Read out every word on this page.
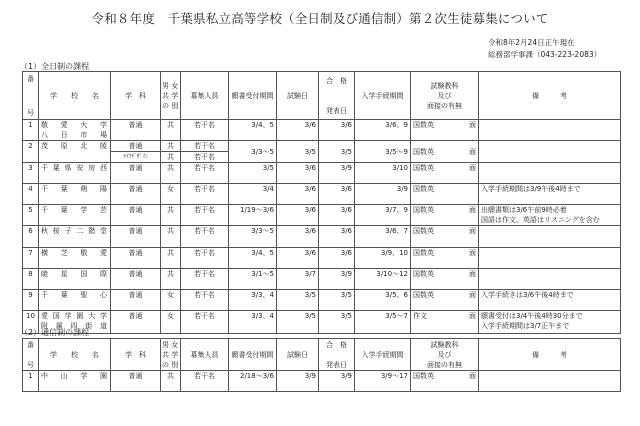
令和８年度　千葉県私立高等学校（全日制及び通信制）第２次生徒募集について
令和8年2月24日正午現在
総務部学事課（043-223-2083）
（1）全日制の課程
番
号
	学　　校　　名	学　科	
男 女
共 学
の 別
	募集人員	願書受付期間	試験日	
合　格
発表日
	入学手続期間	
試験教科
及び
面接の有無
	備　　　考
1	敬 愛 大 学
八 日 市 場
	普通	共	若干名	3/4、5	3/6	3/6	3/6、9	国数英	面

2	茂 原 北 陵	普通	共	若干名	3/3～5	3/5	3/5	3/5～9	国数英 面	

		ﾗｲﾌﾃﾞｻﾞｲﾝ	共	若干名						
3	千 葉 県 安 房 西	普通	共	若干名	3/5	3/6	3/9	3/10	国数英	面

4	千 葉 萌 陽	普通	女	若干名	3/4	3/6	3/6	3/9	国数英	入学手続期間は3/9午後4時まで

5	千 葉 学 芸	普通	共	若干名	1/19～3/6	3/6	3/6	3/7、9	国数英	面	出願書類は3/6午前9時必着
国語は作文、英語はリスニングを含む

6	秋 桜 子 二 階 堂	普通	共	若干名	3/3～5	3/6	3/6	3/6、7	国数英	面

7	横 芝 敬 愛	普通	共	若干名	3/4、5	3/6	3/6	3/9、10	国数英 面	

8	暁 星 国 際	普通	共	若干名	3/1～5	3/7	3/9	3/10～12	国数英 面	

9	千 葉 聖 心	普通	女	若干名	3/3、4	3/5	3/5	3/5、6	国数英 面	入学手続きは3/6午後4時まで

10	愛 国 学 園 大 学
附 属 四 街 道
	普通	女	若干名	3/3、4	3/5	3/5	3/5～7	作文	面	願書受付は3/4午後4時30分まで
入学手続期間は3/7正午まで
（2）通信制の課程
番
号
	学　　校　　名	学　科	
男 女
共 学
の 別
	募集人員	願書受付期間	試験日	
合　格
発表日
	入学手続期間	
試験教科
及び
面接の有無
	備　　　考
1	中 山 学 園	普通	共	若干名	2/18～3/6	3/9	3/9	3/9～17	国数英 面	
